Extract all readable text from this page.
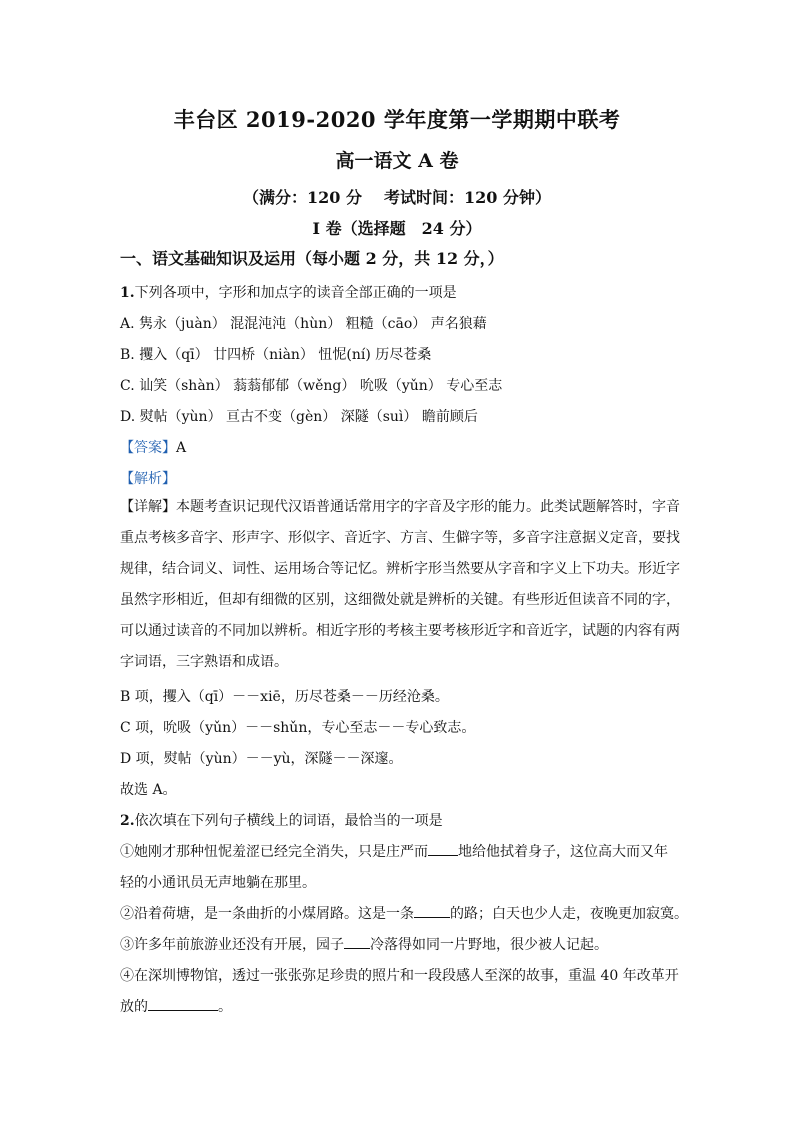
丰台区 2019-2020 学年度第一学期期中联考
高一语文 A 卷
（满分：120 分 考试时间：120 分钟）
I 卷（选择题　24 分）
一、语文基础知识及运用（每小题 2 分，共 12 分，）
1.下列各项中，字形和加点字的读音全部正确的一项是
A. 隽永（juàn） 混混沌沌（hùn） 粗糙（cāo） 声名狼藉
B. 攫入（qī） 廿四桥（niàn） 忸怩(ní) 历尽苍桑
C. 讪笑（shàn） 蓊蓊郁郁（wěng） 吮吸（yǔn） 专心至志
D. 熨帖（yùn） 亘古不变（gèn） 深隧（suì） 瞻前顾后
【答案】A
【解析】
【详解】本题考查识记现代汉语普通话常用字的字音及字形的能力。此类试题解答时，字音重点考核多音字、形声字、形似字、音近字、方言、生僻字等，多音字注意据义定音，要找规律，结合词义、词性、运用场合等记忆。辨析字形当然要从字音和字义上下功夫。形近字虽然字形相近，但却有细微的区别，这细微处就是辨析的关键。有些形近但读音不同的字，可以通过读音的不同加以辨析。相近字形的考核主要考核形近字和音近字，试题的内容有两字词语，三字熟语和成语。
B 项，攫入（qī）－－xiē，历尽苍桑－－历经沧桑。
C 项，吮吸（yǔn）－－shǔn，专心至志－－专心致志。
D 项，熨帖（yùn）－－yù，深隧－－深邃。
故选 A。
2.依次填在下列句子横线上的词语，最恰当的一项是
①她刚才那种忸怩羞涩已经完全消失，只是庄严而 地给他拭着身子，这位高大而又年
轻的小通讯员无声地躺在那里。
②沿着荷塘，是一条曲折的小煤屑路。这是一条	的路；白天也少人走，夜晚更加寂寞。
③许多年前旅游业还没有开展，园子 冷落得如同一片野地，很少被人记起。
④在深圳博物馆，透过一张张弥足珍贵的照片和一段段感人至深的故事，重温 40 年改革开
放的	。
